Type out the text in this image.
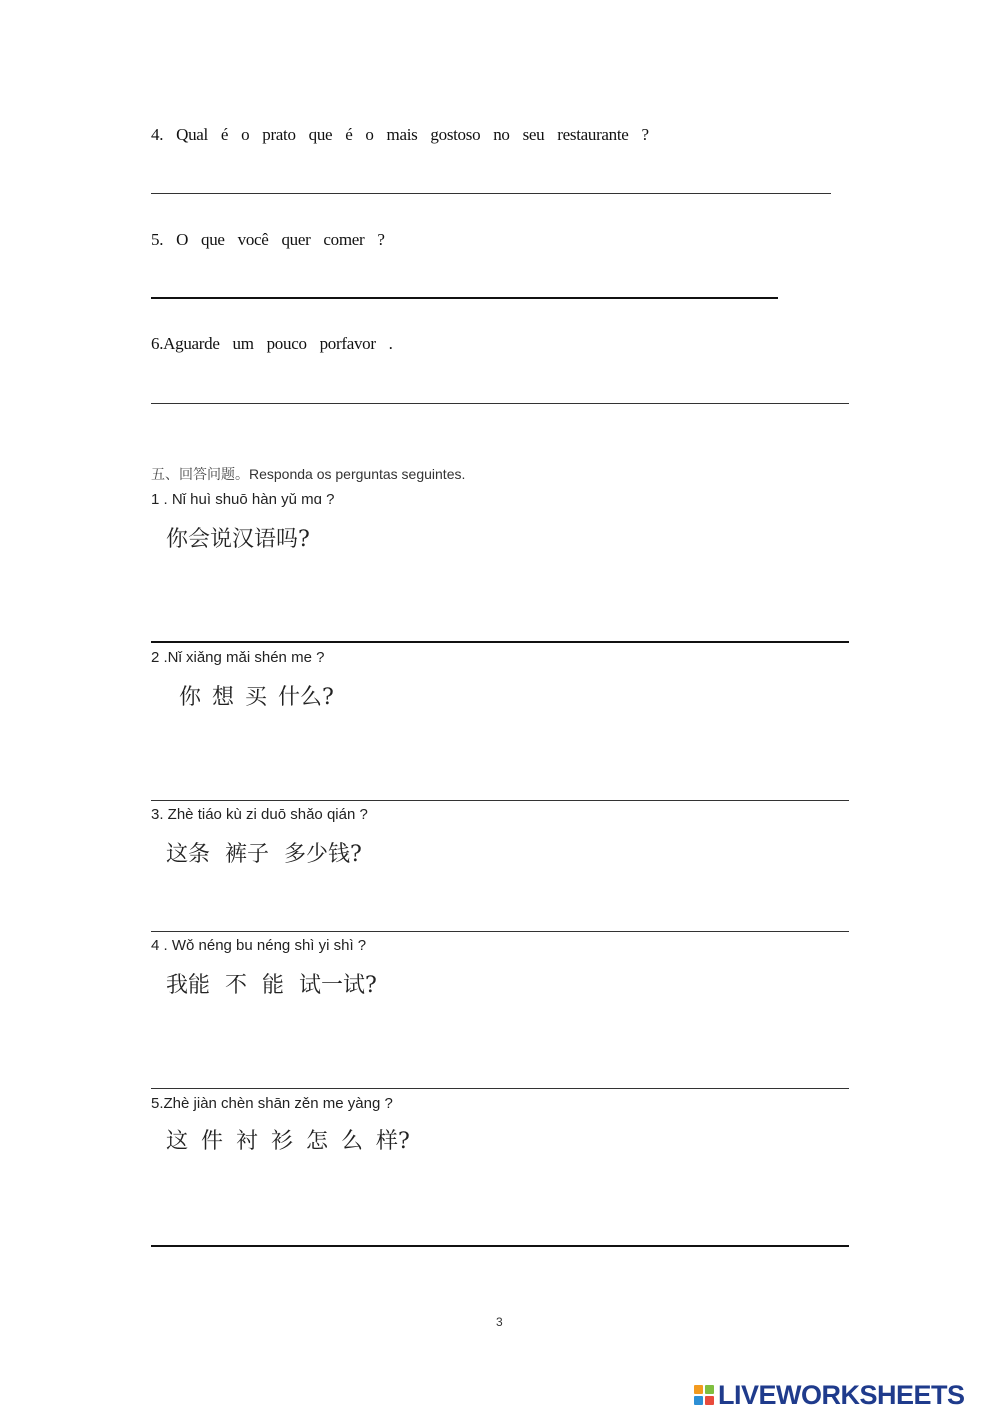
4. Qual é o prato que é o mais gostoso no seu restaurante ?
5. O que você quer comer ?
6.Aguarde um pouco porfavor .
五、回答问题。Responda os perguntas seguintes.
1 . Nǐ huì shuō hàn yǔ mɑ ?
你会说汉语吗?
2 .Nǐ xiǎng mǎi shén me ?
你 想 买 什么?
3. Zhè tiáo kù zi duō shǎo qián ?
这条 裤子 多少钱?
4 . Wǒ néng bu néng shì yi shì ?
我能 不 能 试一试?
5.Zhè jiàn chèn shān zěn me yàng ?
这 件 衬 衫 怎 么 样?
3
LIVEWORKSHEETS
